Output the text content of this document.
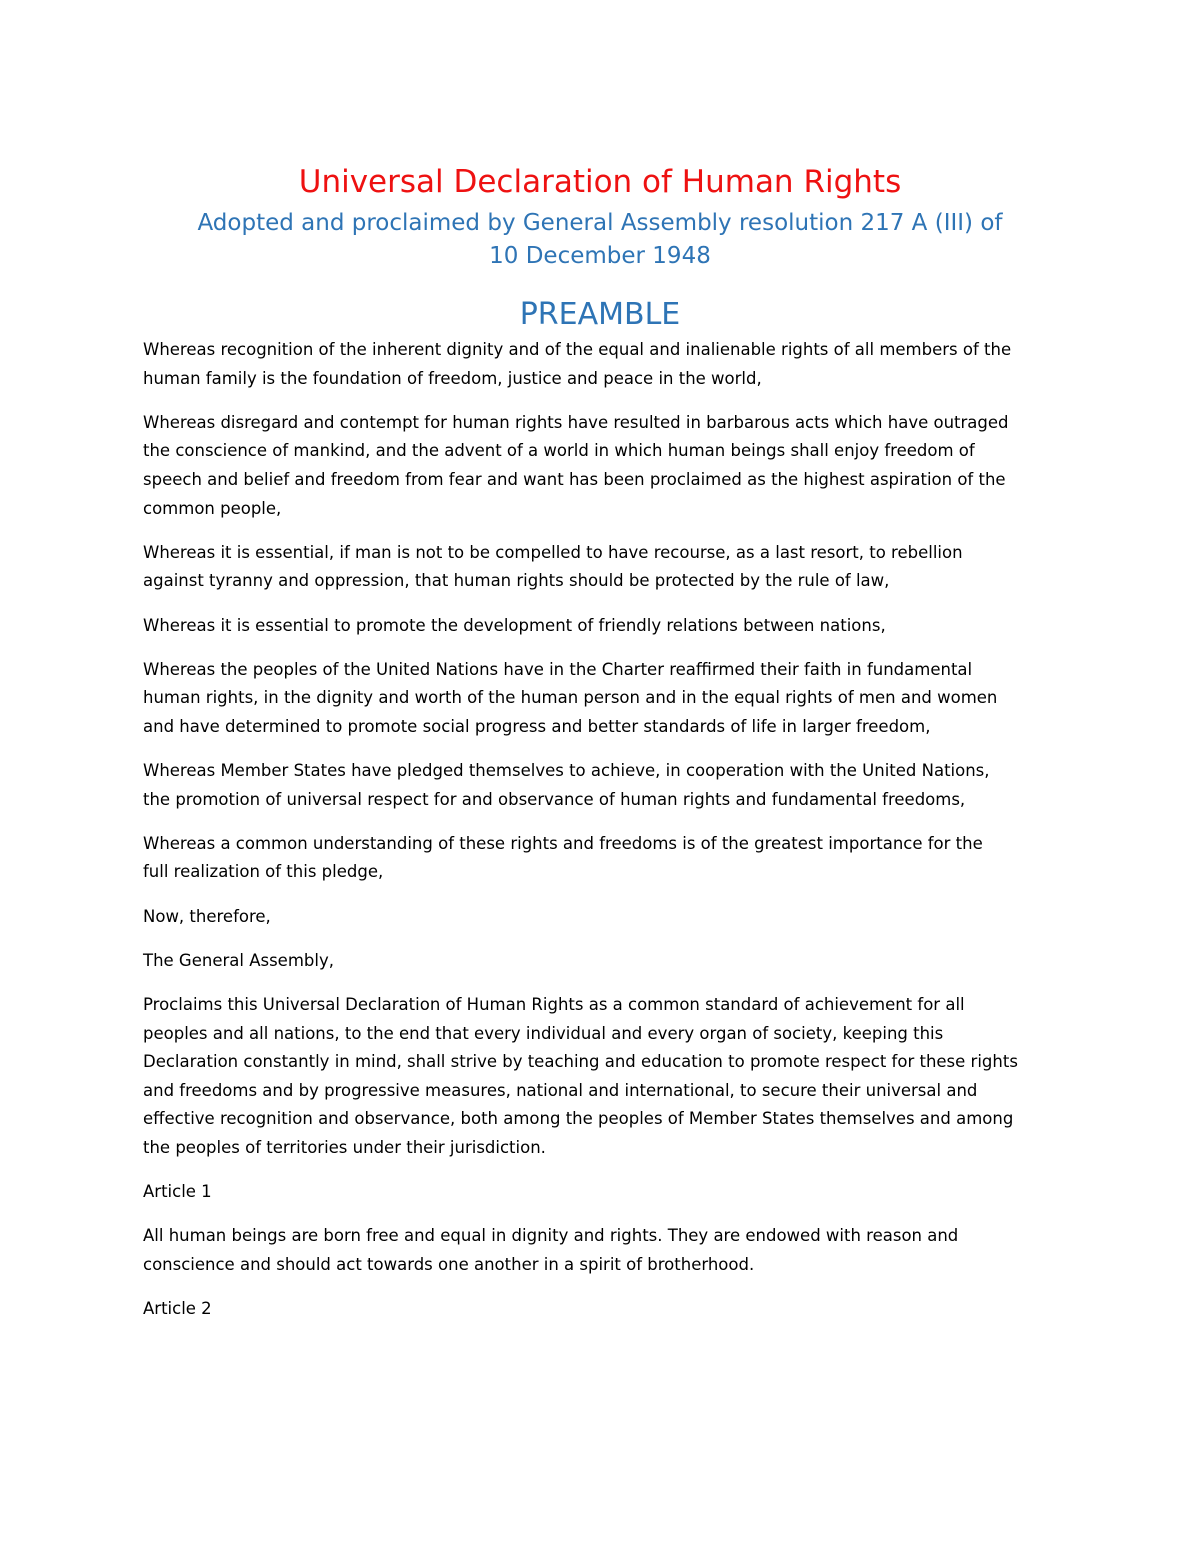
Universal Declaration of Human Rights
Adopted and proclaimed by General Assembly resolution 217 A (III) of
10 December 1948
PREAMBLE
Whereas recognition of the inherent dignity and of the equal and inalienable rights of all members of the
human family is the foundation of freedom, justice and peace in the world,
Whereas disregard and contempt for human rights have resulted in barbarous acts which have outraged
the conscience of mankind, and the advent of a world in which human beings shall enjoy freedom of
speech and belief and freedom from fear and want has been proclaimed as the highest aspiration of the
common people,
Whereas it is essential, if man is not to be compelled to have recourse, as a last resort, to rebellion
against tyranny and oppression, that human rights should be protected by the rule of law,
Whereas it is essential to promote the development of friendly relations between nations,
Whereas the peoples of the United Nations have in the Charter reaffirmed their faith in fundamental
human rights, in the dignity and worth of the human person and in the equal rights of men and women
and have determined to promote social progress and better standards of life in larger freedom,
Whereas Member States have pledged themselves to achieve, in cooperation with the United Nations,
the promotion of universal respect for and observance of human rights and fundamental freedoms,
Whereas a common understanding of these rights and freedoms is of the greatest importance for the
full realization of this pledge,
Now, therefore,
The General Assembly,
Proclaims this Universal Declaration of Human Rights as a common standard of achievement for all
peoples and all nations, to the end that every individual and every organ of society, keeping this
Declaration constantly in mind, shall strive by teaching and education to promote respect for these rights
and freedoms and by progressive measures, national and international, to secure their universal and
effective recognition and observance, both among the peoples of Member States themselves and among
the peoples of territories under their jurisdiction.
Article 1
All human beings are born free and equal in dignity and rights. They are endowed with reason and
conscience and should act towards one another in a spirit of brotherhood.
Article 2
